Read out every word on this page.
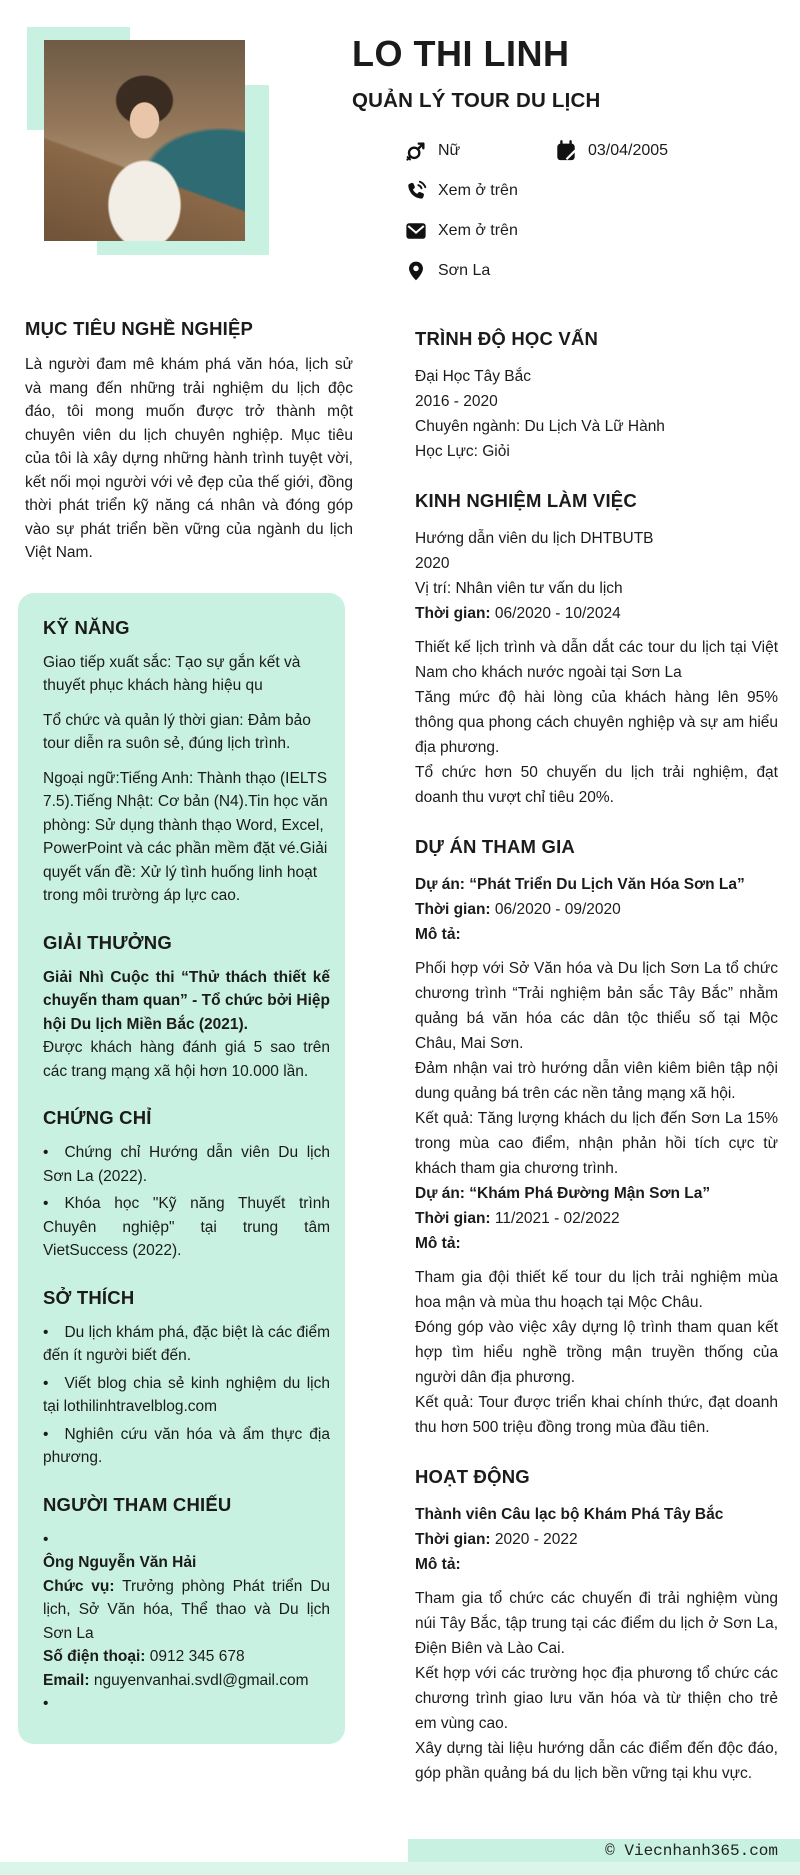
LO THI LINH
QUẢN LÝ TOUR DU LỊCH
Nữ	03/04/2005
Xem ở trên
Xem ở trên
Sơn La
MỤC TIÊU NGHỀ NGHIỆP

Là người đam mê khám phá văn hóa, lịch sử và mang đến những trải nghiệm du lịch độc đáo, tôi mong muốn được trở thành một chuyên viên du lịch chuyên nghiệp. Mục tiêu của tôi là xây dựng những hành trình tuyệt vời, kết nối mọi người với vẻ đẹp của thế giới, đồng thời phát triển kỹ năng cá nhân và đóng góp vào sự phát triển bền vững của ngành du lịch Việt Nam.

KỸ NĂNG
Giao tiếp xuất sắc: Tạo sự gắn kết và thuyết phục khách hàng hiệu qu
Tổ chức và quản lý thời gian: Đảm bảo tour diễn ra suôn sẻ, đúng lịch trình.
Ngoại ngữ:Tiếng Anh: Thành thạo (IELTS 7.5).Tiếng Nhật: Cơ bản (N4).Tin học văn phòng: Sử dụng thành thạo Word, Excel, PowerPoint và các phần mềm đặt vé.Giải quyết vấn đề: Xử lý tình huống linh hoạt trong môi trường áp lực cao.
GIẢI THƯỞNG
Giải Nhì Cuộc thi “Thử thách thiết kế chuyến tham quan” - Tổ chức bởi Hiệp hội Du lịch Miền Bắc (2021).
Được khách hàng đánh giá 5 sao trên các trang mạng xã hội hơn 10.000 lần.
CHỨNG CHỈ
• Chứng chỉ Hướng dẫn viên Du lịch Sơn La (2022).
• Khóa học "Kỹ năng Thuyết trình Chuyên nghiệp" tại trung tâm VietSuccess (2022).
SỞ THÍCH
• Du lịch khám phá, đặc biệt là các điểm đến ít người biết đến.
• Viết blog chia sẻ kinh nghiệm du lịch tại lothilinhtravelblog.com
• Nghiên cứu văn hóa và ẩm thực địa phương.
NGƯỜI THAM CHIẾU
•
Ông Nguyễn Văn Hải
Chức vụ: Trưởng phòng Phát triển Du lịch, Sở Văn hóa, Thể thao và Du lịch Sơn La
Số điện thoại: 0912 345 678
Email: nguyenvanhai.svdl@gmail.com
•
TRÌNH ĐỘ HỌC VẤN
Đại Học Tây Bắc
2016 - 2020
Chuyên ngành: Du Lịch Và Lữ Hành
Học Lực: Giỏi
KINH NGHIỆM LÀM VIỆC
Hướng dẫn viên du lịch DHTBUTB
2020
Vị trí: Nhân viên tư vấn du lịch
Thời gian: 06/2020 - 10/2024
Thiết kế lịch trình và dẫn dắt các tour du lịch tại Việt Nam cho khách nước ngoài tại Sơn La
Tăng mức độ hài lòng của khách hàng lên 95% thông qua phong cách chuyên nghiệp và sự am hiểu địa phương.
Tổ chức hơn 50 chuyến du lịch trải nghiệm, đạt doanh thu vượt chỉ tiêu 20%.
DỰ ÁN THAM GIA
Dự án: “Phát Triển Du Lịch Văn Hóa Sơn La”
Thời gian: 06/2020 - 09/2020
Mô tả:
Phối hợp với Sở Văn hóa và Du lịch Sơn La tổ chức chương trình “Trải nghiệm bản sắc Tây Bắc” nhằm quảng bá văn hóa các dân tộc thiểu số tại Mộc Châu, Mai Sơn.
Đảm nhận vai trò hướng dẫn viên kiêm biên tập nội dung quảng bá trên các nền tảng mạng xã hội.
Kết quả: Tăng lượng khách du lịch đến Sơn La 15% trong mùa cao điểm, nhận phản hồi tích cực từ khách tham gia chương trình.
Dự án: “Khám Phá Đường Mận Sơn La”
Thời gian: 11/2021 - 02/2022
Mô tả:
Tham gia đội thiết kế tour du lịch trải nghiệm mùa hoa mận và mùa thu hoạch tại Mộc Châu.
Đóng góp vào việc xây dựng lộ trình tham quan kết hợp tìm hiểu nghề trồng mận truyền thống của người dân địa phương.
Kết quả: Tour được triển khai chính thức, đạt doanh thu hơn 500 triệu đồng trong mùa đầu tiên.
HOẠT ĐỘNG
Thành viên Câu lạc bộ Khám Phá Tây Bắc
Thời gian: 2020 - 2022
Mô tả:
Tham gia tổ chức các chuyến đi trải nghiệm vùng núi Tây Bắc, tập trung tại các điểm du lịch ở Sơn La, Điện Biên và Lào Cai.
Kết hợp với các trường học địa phương tổ chức các chương trình giao lưu văn hóa và từ thiện cho trẻ em vùng cao.
Xây dựng tài liệu hướng dẫn các điểm đến độc đáo, góp phần quảng bá du lịch bền vững tại khu vực.
© Viecnhanh365.com
